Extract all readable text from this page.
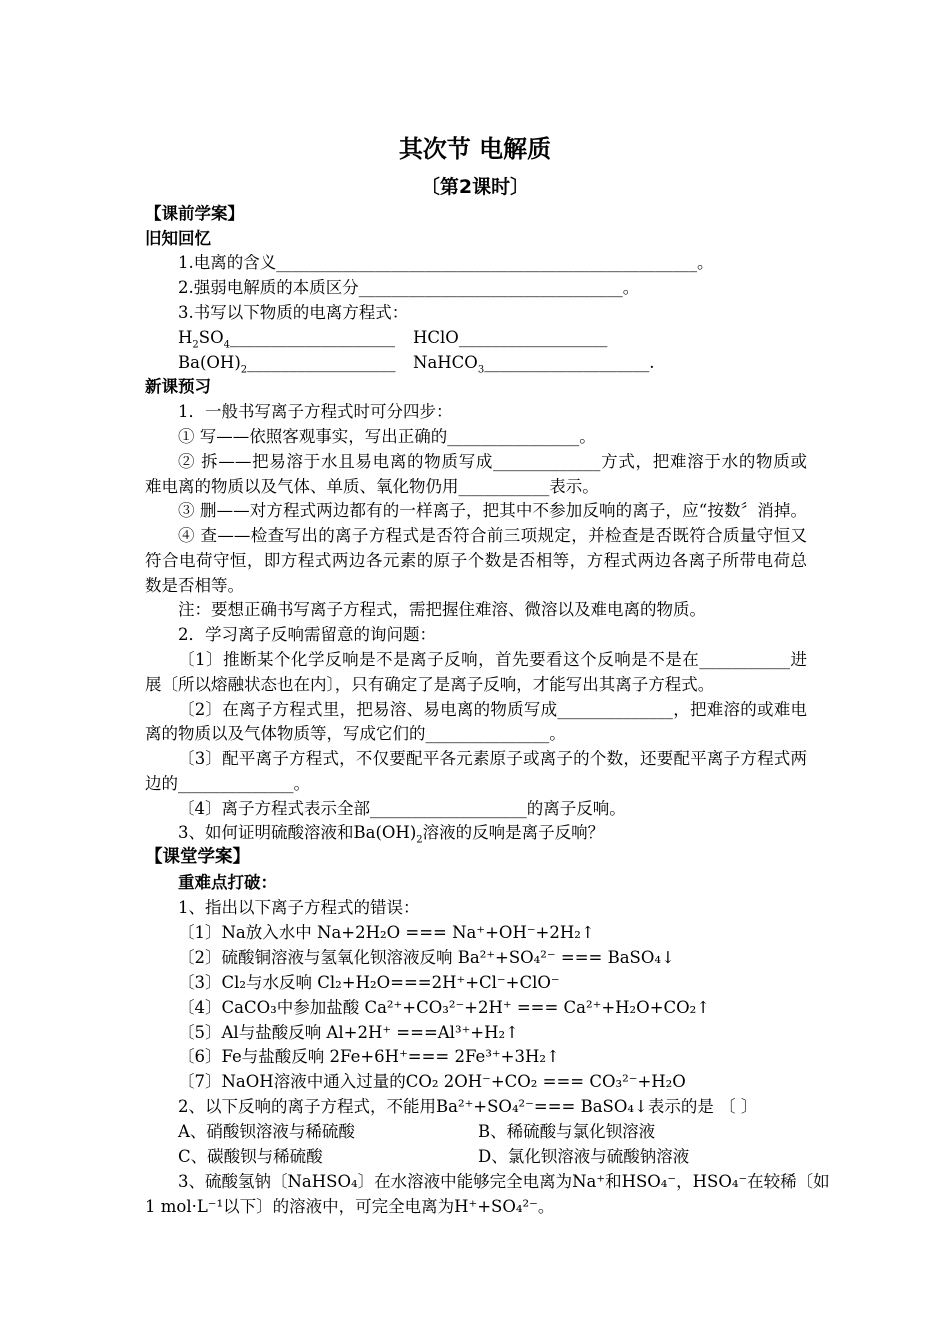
其次节 电解质
〔第2课时〕
【课前学案】
旧知回忆
1.电离的含义___________________________________________________。
2.强弱电解质的本质区分________________________________。
3.书写以下物质的电离方程式：
$H_2SO_4\_\_\_\_\_\_\_\_\_\_\_\_\_\_\_\_\_\_\_\_$ HClO__________________
$Ba(OH)_2\_\_\_\_\_\_\_\_\_\_\_\_\_\_\_\_\_\_$ NaHCO$_3$____________________.
新课预习
1．一般书写离子方程式时可分四步：
① 写——依照客观事实，写出正确的________________。
② 拆——把易溶于水且易电离的物质写成_____________方式，把难溶于水的物质或
难电离的物质以及气体、单质、氧化物仍用___________表示。
③ 删——对方程式两边都有的一样离子，把其中不参加反响的离子，应“按数〞消掉。
④ 查——检查写出的离子方程式是否符合前三项规定，并检查是否既符合质量守恒又
符合电荷守恒，即方程式两边各元素的原子个数是否相等，方程式两边各离子所带电荷总
数是否相等。
注：要想正确书写离子方程式，需把握住难溶、微溶以及难电离的物质。
2．学习离子反响需留意的询问题：
〔1〕推断某个化学反响是不是离子反响，首先要看这个反响是不是在___________进
展〔所以熔融状态也在内〕，只有确定了是离子反响，才能写出其离子方程式。
〔2〕在离子方程式里，把易溶、易电离的物质写成______________，把难溶的或难电
离的物质以及气体物质等，写成它们的_______________。
〔3〕配平离子方程式，不仅要配平各元素原子或离子的个数，还要配平离子方程式两
边的______________。
〔4〕离子方程式表示全部___________________的离子反响。
3、如何证明硫酸溶液和$Ba(OH)_2$溶液的反响是离子反响？
【课堂学案】
重难点打破：
1、指出以下离子方程式的错误：
〔1〕Na放入水中 Na+2H₂O === Na⁺+OH⁻+2H₂↑
〔2〕硫酸铜溶液与氢氧化钡溶液反响 Ba²⁺+SO₄²⁻ === BaSO₄↓
〔3〕Cl₂与水反响 Cl₂+H₂O===2H⁺+Cl⁻+ClO⁻
〔4〕CaCO₃中参加盐酸 Ca²⁺+CO₃²⁻+2H⁺ === Ca²⁺+H₂O+CO₂↑
〔5〕Al与盐酸反响 Al+2H⁺ ===Al³⁺+H₂↑
〔6〕Fe与盐酸反响 2Fe+6H⁺=== 2Fe³⁺+3H₂↑
〔7〕NaOH溶液中通入过量的CO₂ 2OH⁻+CO₂ === CO₃²⁻+H₂O
2、以下反响的离子方程式，不能用Ba²⁺+SO₄²⁻=== BaSO₄↓表示的是 〔 〕
A、硝酸钡溶液与稀硫酸	B、稀硫酸与氯化钡溶液
C、碳酸钡与稀硫酸	D、氯化钡溶液与硫酸钠溶液
3、硫酸氢钠〔NaHSO₄〕在水溶液中能够完全电离为Na⁺和HSO₄⁻，HSO₄⁻在较稀〔如
1 mol·L⁻¹以下〕的溶液中，可完全电离为H⁺+SO₄²⁻。
